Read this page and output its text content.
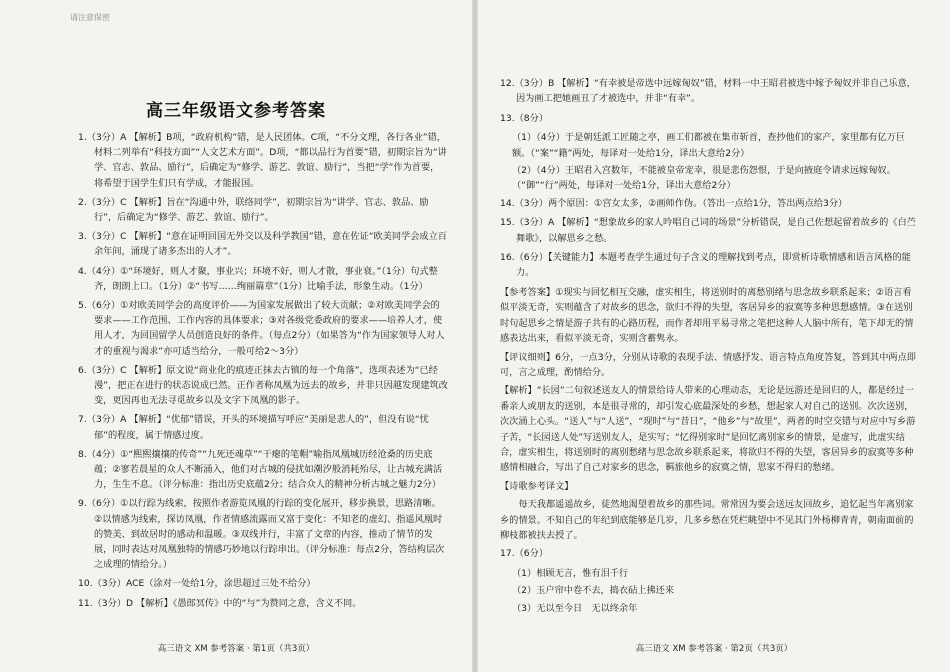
请注意保密
高三年级语文参考答案

1.（3分）A 【解析】B项，“政府机构”错，是人民团体。C项，“不分文理，各行各业”错，材料二列举有“科技方面”“人文艺术方面”。D项，“都以品行为首要”错，初期宗旨为“讲学、官志、敦品、励行”，后确定为“修学、游艺、敦谊、励行”，当把“学”作为首要，将希望于国学生们只有学成，才能报国。

2.（3分）C 【解析】旨在“沟通中外，联络同学”，初期宗旨为“讲学、官志、敦品、励行”，后确定为“修学、游艺、敦谊、励行”。

3.（3分）C 【解析】“意在证明回国无外交以及科学教国”错，意在佐证“欧美同学会成立百余年间，涌现了诸多杰出的人才”。

4.（4分）①“环境好，则人才聚，事业兴；环境不好，则人才散，事业衰。”（1分）句式整齐，朗朗上口。（1分）②“书写……绚丽篇章”（1分）比喻手法，形象生动。（1分）

5.（6分）①对欧美同学会的高度评价——为国家发展做出了较大贡献；②对欧美同学会的要求——工作范围、工作内容的具体要求；③对各级党委政府的要求——培养人才，使用人才，为回国留学人员创造良好的条件。（每点2分）（如果答为“作为国家领导人对人才的重视与渴求”亦可适当给分，一般可给2～3分）

6.（3分）C 【解析】原文说“商业化的痕迹正抹去古镇的每一个角落”，选项表述为“已经漫”，把正在进行的状态说成已然。正作者称凤凰为远去的故乡，并非只因越发现建筑改变，更因再也无法寻觅故乡以及文字下凤凰的影子。

7.（3分）A 【解析】“优郁”错误，开头的环境描写呼应“美丽是悲人的”，但没有说“忧郁”的程度，属于情感过度。

8.（4分）①“熙熙攘攘的传奇”“九死还魂草”“干瘪的笔帽”喻指凤凰城历经沧桑的历史底蕴；②寥若晨星的众人不断涌入，他们对古城的侵扰如潮汐般消耗殆尽，让古城充满活力，生生不息。（评分标准：指出历史底蕴2分；结合众人的精神分析古城之魅力2分）

9.（6分）①以行踪为线索，按照作者游览凤凰的行踪的变化展开，移步换景，思路清晰。②以情感为线索，探访凤凰，作者情感流露而又富于变化：不知老的虚幻、指遥风凰时的赞美、到故居时的感动和温暖。③双线并行，丰富了文章的内容，推动了情节的发展，同时表达对凤凰独特的情感巧妙地以行踪串出。（评分标准：每点2分，答结构层次之成理的情给分。）

10.（3分）ACE（涂对一处给1分，涂思超过三处不给分）

11.（3分）D 【解析】《愚郎冥传》中的“与”为赞同之意，含义不同。

高三语文 XM 参考答案 · 第1页（共3页）

12.（3分）B 【解析】“有幸被是帝选中远嫁匈奴”错，材料一中王昭君被选中嫁予匈奴并非自己乐意，因为画工把她画丑了才被选中，并非“有幸”。

13.（8分）

（1）（4分）于是朝廷派工匠随之亭，画工们都被在集市斩首，查抄他们的家产，家里都有亿万巨额。（“案”“籍”两处，每译对一处给1分，译出大意给2分）

（2）（4分）王昭君入宫数年，不能被皇帝宠幸，很是悲伤怨恨，于是向掖庭令请求远嫁匈奴。（“御”“行”两处，每译对一处给1分，译出大意给2分）

14.（3分）两个原因：①宫女太多，②画师作伪。（答出一点给1分，答出两点给3分）

15.（3分）A 【解析】“想象故乡的家人吟唱自己词的场景”分析错误，是自己佐想起留着故乡的《白苎舞歌》，以解思乡之愁。

16.（6分）【关键能力】本题考查学生通过句子含义的理解找到考点，即赏析诗歌情感和语言风格的能力。

【参考答案】①现实与回忆相互交融，虚实相生，将送别时的离愁别绪与思念故乡联系起来；②语言看似平淡无奇，实则蕴含了对故乡的思念，欲归不得的失望，客居异乡的寂寞等多种思想感情。③在送别时句起思乡之情是游子共有的心路历程，而作者却用平易寻常之笔把这种人人脑中所有，笔下却无的情感表达出来，看似平淡无奇，实则含蓄隽永。

【评议细则】6分，一点3分，分别从诗歌的表现手法、情感抒发、语言特点角度答复，答到其中两点即可，言之成理，酌情给分。

【解析】“长园”二句叙述送友人的情景给诗人带来的心理动态，无论是远游还是回归的人，都是经过一番亲人或朋友的送别，本是很寻常的，却引发心底最深处的乡愁，想起家人对自己的送别。次次送别，次次涌上心头。“送人”与“人送”，“现时”与“昔日”，“他乡”与“故里”，两者的时空交错与对应中写乡游子苦，“长园送人处”写送别友人，是实写；“忆得别家时”是回忆离别家乡的情景，是虚写，此虚实结合，虚实相生，将送别时的离别愁绪与思念故乡联系起来，将欲归不得的失望，客居异乡的寂寞等多种感情相融合，写出了自己对家乡的思念，羁旅他乡的寂寞之情，思家不得归的愁绪。

【诗歌参考译文】

每天我都遥遥故乡，徒然地渴望着故乡的那些词。常常因为要会送远友回故乡，追忆起当年离别家乡的情景。不知自己的年纪到底能够是几岁，几多乡愁在凭栏眺望中不见其门外杨柳青青，朝南面前的柳枝都被扶去授了。

17.（6分）

（1）相顾无言，惟有泪千行

（2）玉户帘中卷不去，捣衣砧上拂还来

（3）无以至今日　无以终余年

高三语文 XM 参考答案 · 第2页（共3页）
